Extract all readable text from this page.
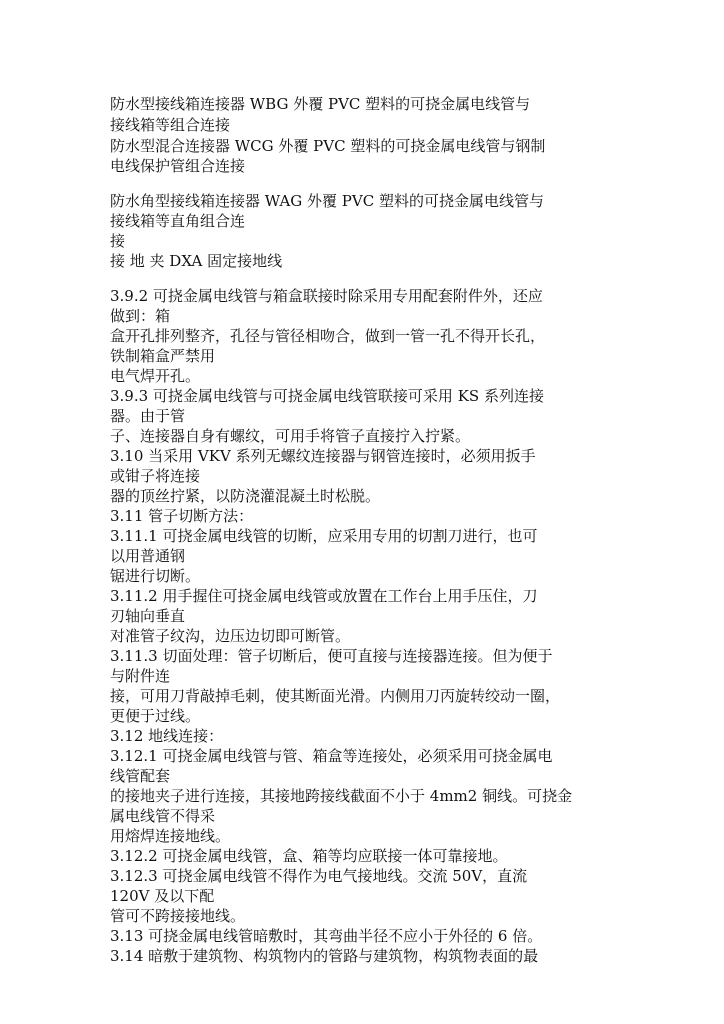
防水型接线箱连接器 WBG 外覆 PVC 塑料的可挠金属电线管与
接线箱等组合连接
防水型混合连接器 WCG 外覆 PVC 塑料的可挠金属电线管与钢制
电线保护管组合连接
防水角型接线箱连接器 WAG 外覆 PVC 塑料的可挠金属电线管与
接线箱等直角组合连
接
接 地 夹 DXA 固定接地线
3.9.2 可挠金属电线管与箱盒联接时除采用专用配套附件外，还应
做到：箱
盒开孔排列整齐，孔径与管径相吻合，做到一管一孔不得开长孔，
铁制箱盒严禁用
电气焊开孔。
3.9.3 可挠金属电线管与可挠金属电线管联接可采用 KS 系列连接
器。由于管
子、连接器自身有螺纹，可用手将管子直接拧入拧紧。
3.10 当采用 VKV 系列无螺纹连接器与钢管连接时，必须用扳手
或钳子将连接
器的顶丝拧紧，以防浇灌混凝土时松脱。
3.11 管子切断方法：
3.11.1 可挠金属电线管的切断，应采用专用的切割刀进行，也可
以用普通钢
锯进行切断。
3.11.2 用手握住可挠金属电线管或放置在工作台上用手压住，刀
刃轴向垂直
对准管子纹沟，边压边切即可断管。
3.11.3 切面处理：管子切断后，便可直接与连接器连接。但为便于
与附件连
接，可用刀背敲掉毛刺，使其断面光滑。内侧用刀丙旋转绞动一圈，
更便于过线。
3.12 地线连接：
3.12.1 可挠金属电线管与管、箱盒等连接处，必须采用可挠金属电
线管配套
的接地夹子进行连接，其接地跨接线截面不小于 4mm2 铜线。可挠金
属电线管不得采
用熔焊连接地线。
3.12.2 可挠金属电线管，盒、箱等均应联接一体可靠接地。
3.12.3 可挠金属电线管不得作为电气接地线。交流 50V，直流
120V 及以下配
管可不跨接接地线。
3.13 可挠金属电线管暗敷时，其弯曲半径不应小于外径的 6 倍。
3.14 暗敷于建筑物、构筑物内的管路与建筑物，构筑物表面的最
